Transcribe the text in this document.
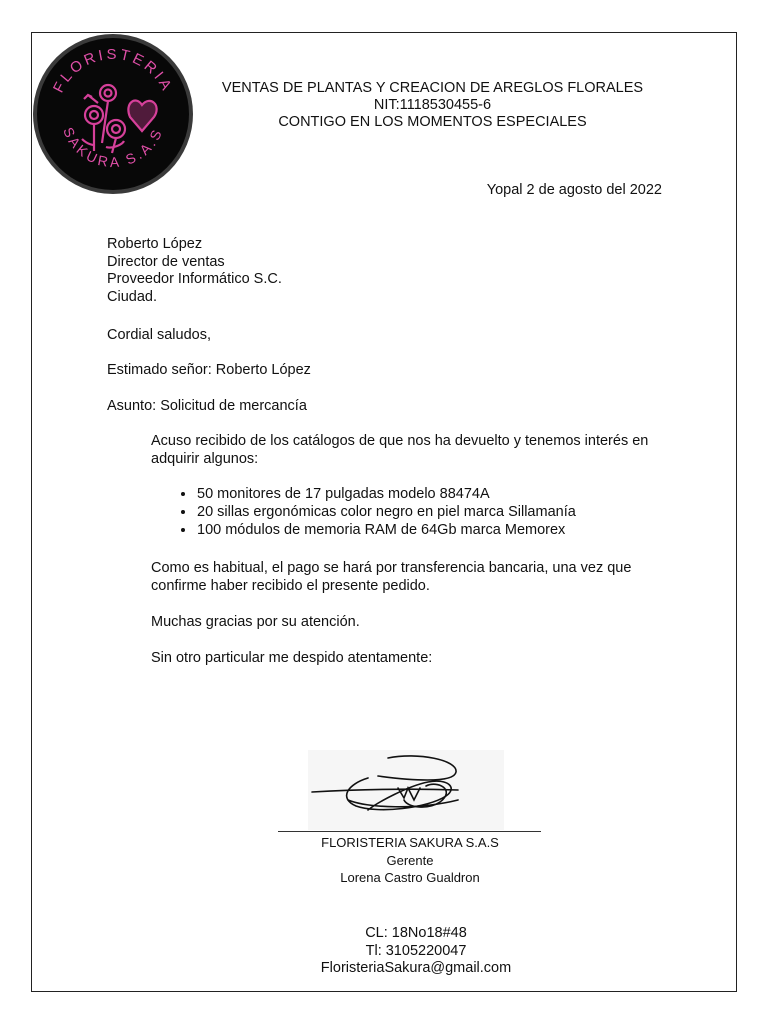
FLORISTERIA
SAKURA S.A.S
VENTAS DE PLANTAS Y CREACION DE AREGLOS FLORALES
NIT:1118530455-6
CONTIGO EN LOS MOMENTOS ESPECIALES
Yopal 2 de agosto del 2022
Roberto López
Director de ventas
Proveedor Informático S.C.
Ciudad.
Cordial saludos,
Estimado señor: Roberto López
Asunto: Solicitud de mercancía
Acuso recibido de los catálogos de que nos ha devuelto y tenemos interés en adquirir algunos:
• 50 monitores de 17 pulgadas modelo 88474A
• 20 sillas ergonómicas color negro en piel marca Sillamanía
• 100 módulos de memoria RAM de 64Gb marca Memorex
Como es habitual, el pago se hará por transferencia bancaria, una vez que confirme haber recibido el presente pedido.
Muchas gracias por su atención.
Sin otro particular me despido atentamente:
FLORISTERIA SAKURA S.A.S
Gerente
Lorena Castro Gualdron
CL: 18No18#48
Tl: 3105220047
FloristeriaSakura@gmail.com
